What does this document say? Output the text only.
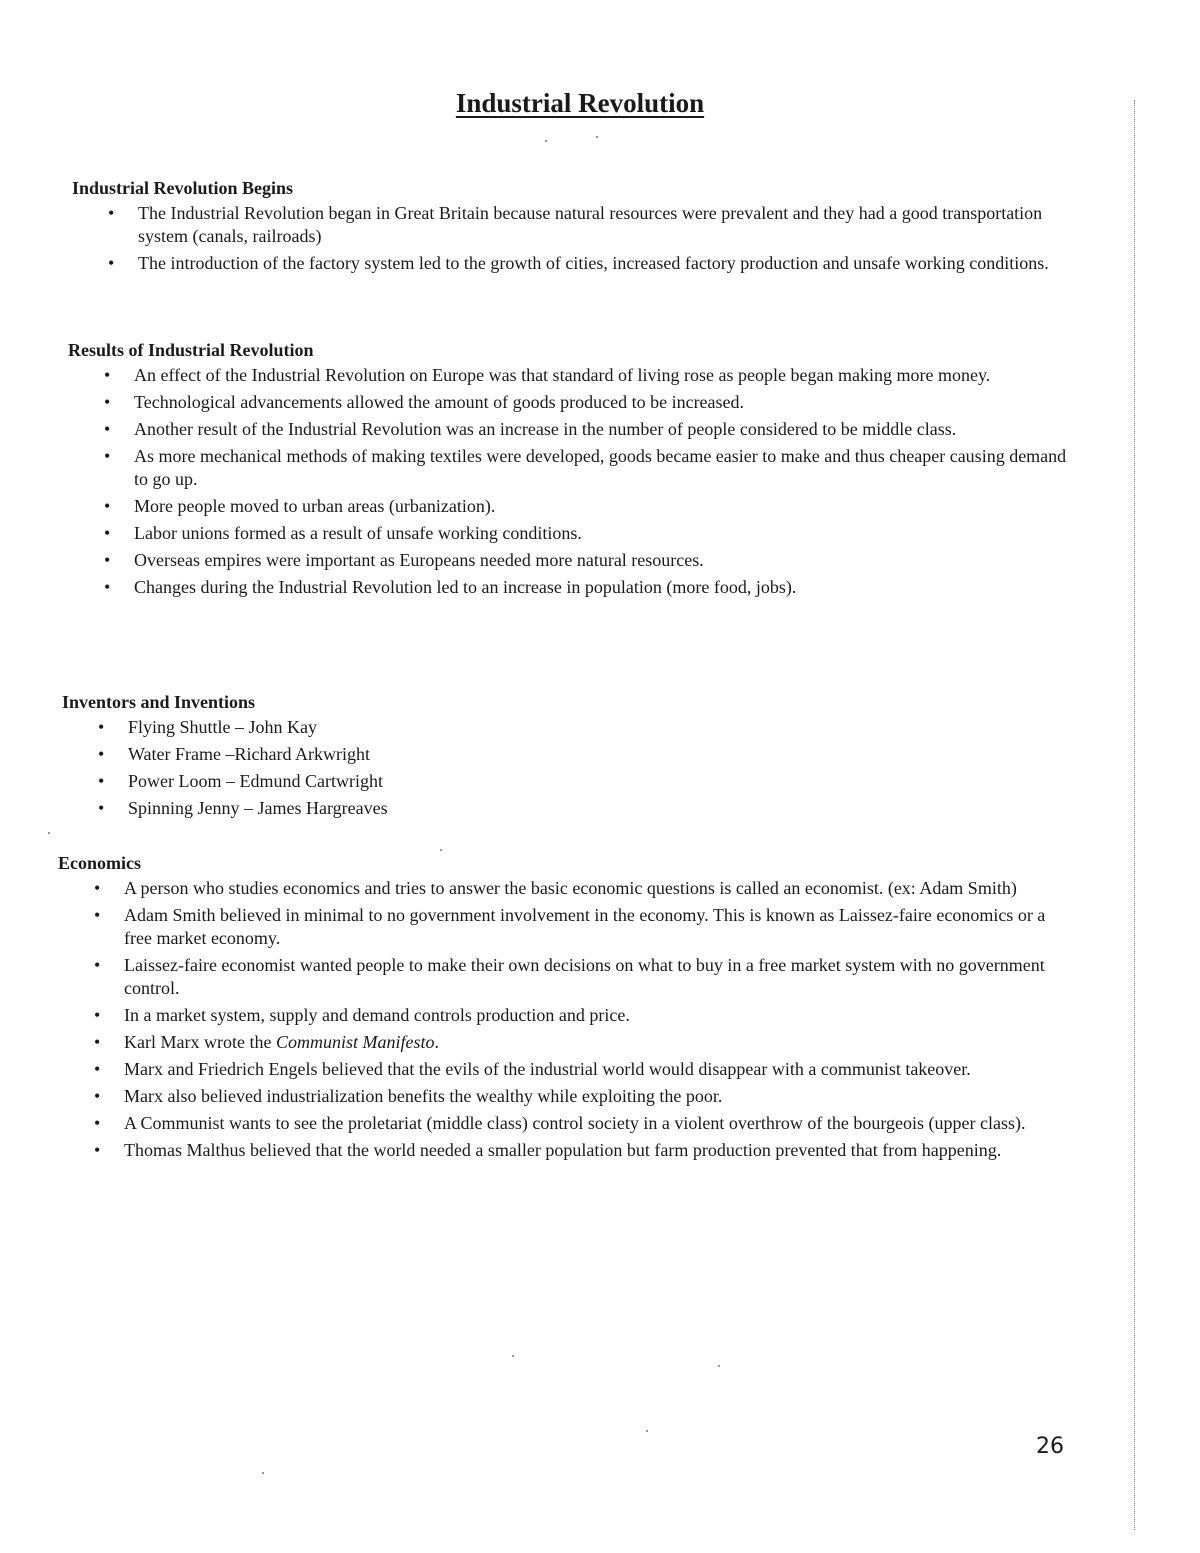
Industrial Revolution
Industrial Revolution Begins
• The Industrial Revolution began in Great Britain because natural resources were prevalent and they had a good transportation system (canals, railroads)
• The introduction of the factory system led to the growth of cities, increased factory production and unsafe working conditions.
Results of Industrial Revolution
• An effect of the Industrial Revolution on Europe was that standard of living rose as people began making more money.
• Technological advancements allowed the amount of goods produced to be increased.
• Another result of the Industrial Revolution was an increase in the number of people considered to be middle class.
• As more mechanical methods of making textiles were developed, goods became easier to make and thus cheaper causing demand to go up.
• More people moved to urban areas (urbanization).
• Labor unions formed as a result of unsafe working conditions.
• Overseas empires were important as Europeans needed more natural resources.
• Changes during the Industrial Revolution led to an increase in population (more food, jobs).
Inventors and Inventions
• Flying Shuttle – John Kay
• Water Frame –Richard Arkwright
• Power Loom – Edmund Cartwright
• Spinning Jenny – James Hargreaves
Economics
• A person who studies economics and tries to answer the basic economic questions is called an economist. (ex: Adam Smith)
• Adam Smith believed in minimal to no government involvement in the economy. This is known as Laissez-faire economics or a free market economy.
• Laissez-faire economist wanted people to make their own decisions on what to buy in a free market system with no government control.
• In a market system, supply and demand controls production and price.
• Karl Marx wrote the Communist Manifesto.
• Marx and Friedrich Engels believed that the evils of the industrial world would disappear with a communist takeover.
• Marx also believed industrialization benefits the wealthy while exploiting the poor.
• A Communist wants to see the proletariat (middle class) control society in a violent overthrow of the bourgeois (upper class).
• Thomas Malthus believed that the world needed a smaller population but farm production prevented that from happening.
26
